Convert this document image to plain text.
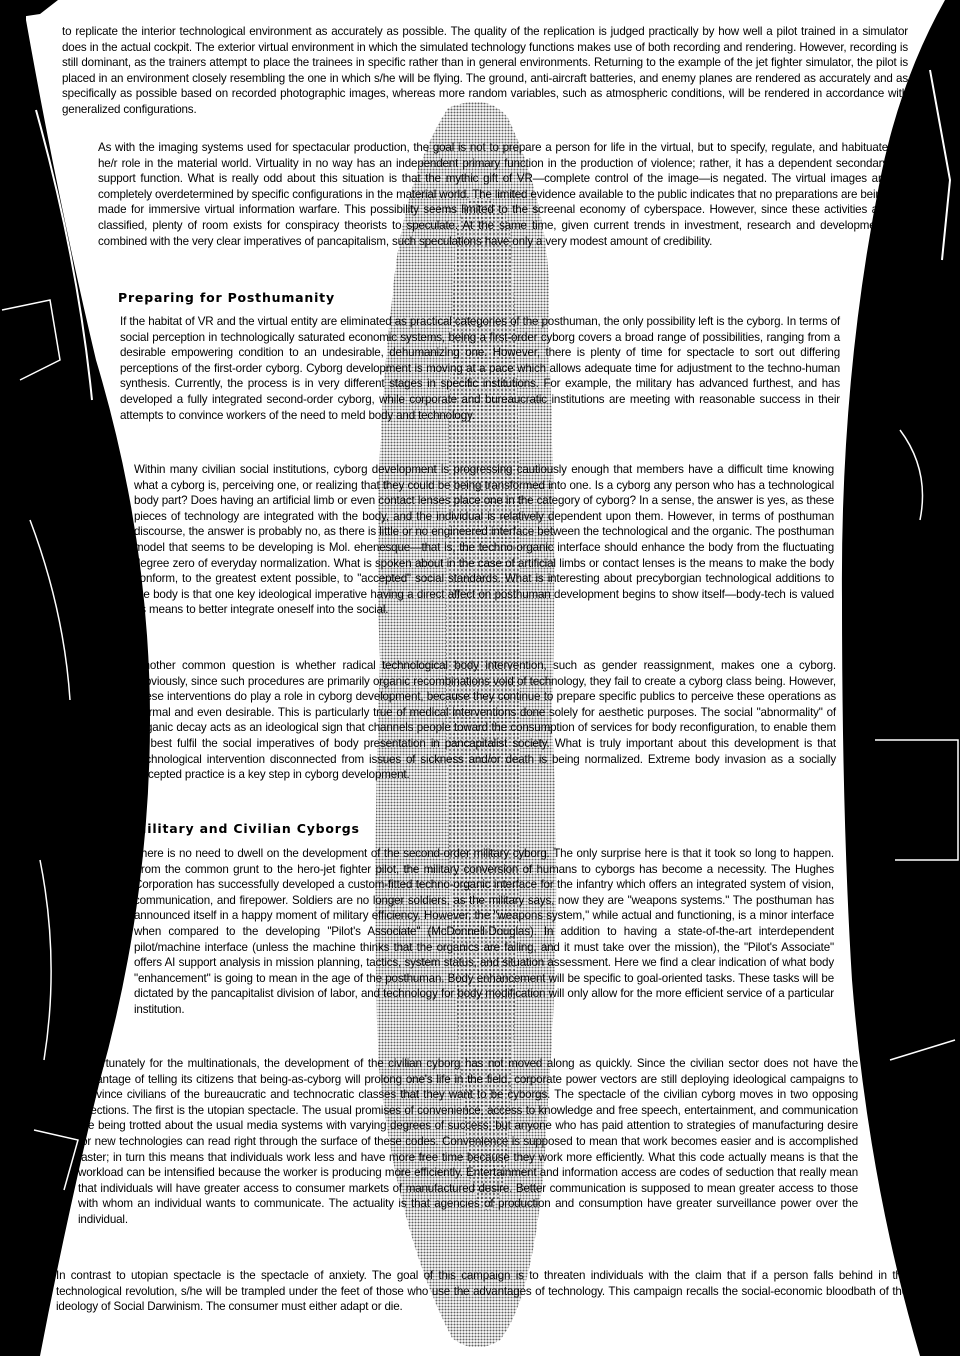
to replicate the interior technological environment as accurately as possible. The quality of the replication is judged practically by how well a pilot trained in a simulator does in the actual cockpit. The exterior virtual environment in which the simulated technology functions makes use of both recording and rendering. However, recording is still dominant, as the trainers attempt to place the trainees in specific rather than in general environments. Returning to the example of the jet fighter simulator, the pilot is placed in an environment closely resembling the one in which s/he will be flying. The ground, anti-aircraft batteries, and enemy planes are rendered as accurately and as specifically as possible based on recorded photographic images, whereas more random variables, such as atmospheric conditions, will be rendered in accordance with generalized configurations.

As with the imaging systems used for spectacular production, the goal is not to prepare a person for life in the virtual, but to specify, regulate, and habituate he/r role in the material world. Virtuality in no way has an independent primary function in the production of violence; rather, it has a dependent secondary support function. What is really odd about this situation is that the mythic gift of VR—complete control of the image—is negated. The virtual images are completely overdetermined by specific configurations in the material world. The limited evidence available to the public indicates that no preparations are being made for immersive virtual information warfare. This possibility seems limited to the screenal economy of cyberspace. However, since these activities are classified, plenty of room exists for conspiracy theorists to speculate. At the same time, given current trends in investment, research and development, combined with the very clear imperatives of pancapitalism, such speculations have only a very modest amount of credibility.

Preparing for Posthumanity

If the habitat of VR and the virtual entity are eliminated as practical categories of the posthuman, the only possibility left is the cyborg. In terms of social perception in technologically saturated economic systems, being a first-order cyborg covers a broad range of possibilities, ranging from a desirable empowering condition to an undesirable, dehumanizing one. However, there is plenty of time for spectacle to sort out differing perceptions of the first-order cyborg. Cyborg development is moving at a pace which allows adequate time for adjustment to the techno-human synthesis. Currently, the process is in very different stages in specific institutions. For example, the military has advanced furthest, and has developed a fully integrated second-order cyborg, while corporate and bureaucratic institutions are meeting with reasonable success in their attempts to convince workers of the need to meld body and technology.

Within many civilian social institutions, cyborg development is progressing cautiously enough that members have a difficult time knowing what a cyborg is, perceiving one, or realizing that they could be being transformed into one. Is a cyborg any person who has a technological body part? Does having an artificial limb or even contact lenses place one in the category of cyborg? In a sense, the answer is yes, as these pieces of technology are integrated with the body, and the individual is relatively dependent upon them. However, in terms of posthuman discourse, the answer is probably no, as there is little or no engineered interface between the technological and the organic. The posthuman model that seems to be developing is Mol. ehenesque—that is, the techno-organic interface should enhance the body from the fluctuating degree zero of everyday normalization. What is spoken about in the case of artificial limbs or contact lenses is the means to make the body conform, to the greatest extent possible, to "accepted" social standards. What is interesting about precyborgian technological additions to the body is that one key ideological imperative having a direct affect on posthuman development begins to show itself—body-tech is valued as means to better integrate oneself into the social.

Another common question is whether radical technological body intervention, such as gender reassignment, makes one a cyborg. Obviously, since such procedures are primarily organic recombinations void of technology, they fail to create a cyborg class being. However, these interventions do play a role in cyborg development, because they continue to prepare specific publics to perceive these operations as normal and even desirable. This is particularly true of medical interventions done solely for aesthetic purposes. The social "abnormality" of organic decay acts as an ideological sign that channels people toward the consumption of services for body reconfiguration, to enable them to best fulfil the social imperatives of body presentation in pancapitalist society. What is truly important about this development is that technological intervention disconnected from issues of sickness and/or death is being normalized. Extreme body invasion as a socially accepted practice is a key step in cyborg development.

Military and Civilian Cyborgs

There is no need to dwell on the development of the second-order military cyborg. The only surprise here is that it took so long to happen. From the common grunt to the hero-jet fighter pilot, the military conversion of humans to cyborgs has become a necessity. The Hughes Corporation has successfully developed a custom-fitted techno-organic interface for the infantry which offers an integrated system of vision, communication, and firepower. Soldiers are no longer soldiers; as the military says, now they are "weapons systems." The posthuman has announced itself in a happy moment of military efficiency. However, the "weapons system," while actual and functioning, is a minor interface when compared to the developing "Pilot's Associate" (McDonnell-Douglas). In addition to having a state-of-the-art interdependent pilot/machine interface (unless the machine thinks that the organics are failing, and it must take over the mission), the "Pilot's Associate" offers AI support analysis in mission planning, tactics, system status, and situation assessment. Here we find a clear indication of what body "enhancement" is going to mean in the age of the posthuman. Body enhancement will be specific to goal-oriented tasks. These tasks will be dictated by the pancapitalist division of labor, and technology for body modification will only allow for the more efficient service of a particular institution.

Unfortunately for the multinationals, the development of the civilian cyborg has not moved along as quickly. Since the civilian sector does not have the advantage of telling its citizens that being-as-cyborg will prolong one's life in the field, corporate power vectors are still deploying ideological campaigns to convince civilians of the bureaucratic and technocratic classes that they want to be cyborgs. The spectacle of the civilian cyborg moves in two opposing directions. The first is the utopian spectacle. The usual promises of convenience, access to knowledge and free speech, entertainment, and communication are being trotted about the usual media systems with varying degrees of success; but anyone who has paid attention to strategies of manufacturing desire for new technologies can read right through the surface of these codes. Convenience is supposed to mean that work becomes easier and is accomplished faster; in turn this means that individuals work less and have more free time because they work more efficiently. What this code actually means is that the workload can be intensified because the worker is producing more efficiently. Entertainment and information access are codes of seduction that really mean that individuals will have greater access to consumer markets of manufactured desire. Better communication is supposed to mean greater access to those with whom an individual wants to communicate. The actuality is that agencies of production and consumption have greater surveillance power over the individual.

In contrast to utopian spectacle is the spectacle of anxiety. The goal of this campaign is to threaten individuals with the claim that if a person falls behind in the technological revolution, s/he will be trampled under the feet of those who use the advantages of technology. This campaign recalls the social-economic bloodbath of the ideology of Social Darwinism. The consumer must either adapt or die.
